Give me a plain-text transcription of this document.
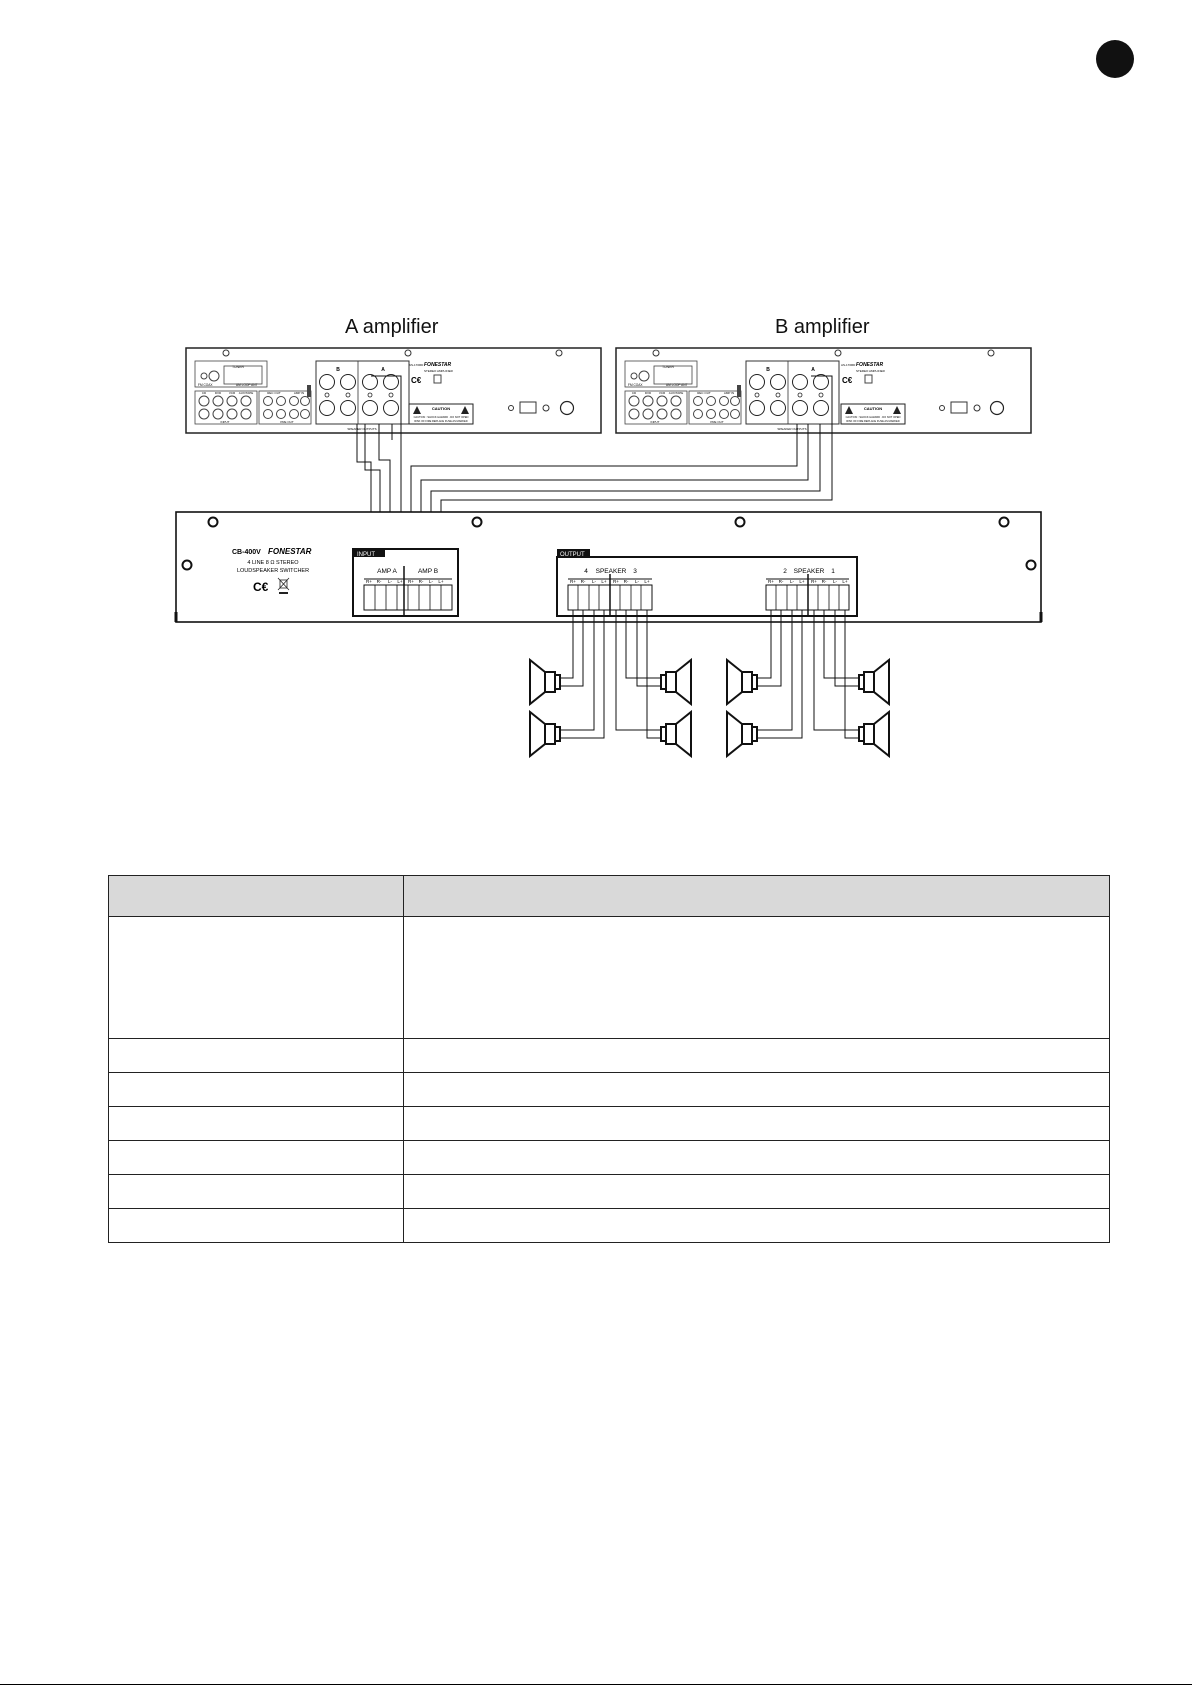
A amplifier	B amplifier
TUNER
FM COAX	AM LOOP ANT
CD	DVD	VCR AUX/TAPE
INPUT
REC OUT	AMP IN
PRE OUT
B	A
SPEAKER OUTPUTS
FONESTAR
AS-170RD
STEREO AMPLIFIER
C€
CAUTION
CAUTION : SHOCK HAZARD · DO NOT OPEN
RISK OF FIRE REPLACE FUSE AS MARKED
TUNER
FM COAX	AM LOOP ANT
CD	DVD	VCR AUX/TAPE
INPUT
REC OUT	AMP IN
PRE OUT
B	A
SPEAKER OUTPUTS
FONESTAR
AS-170RD
STEREO AMPLIFIER
C€
CAUTION
CAUTION : SHOCK HAZARD · DO NOT OPEN
RISK OF FIRE REPLACE FUSE AS MARKED
CB-400V FONESTAR
4 LINE 8 Ω STEREO
LOUDSPEAKER SWITCHER
C€
INPUT
AMP A	AMP B
R+ R- L- L+ R+ R- L- L+
OUTPUT
4 SPEAKER 3	2 SPEAKER 1
R+ R- L- L+ R+ R- L- L+	R+ R- L- L+ R+ R- L- L+
